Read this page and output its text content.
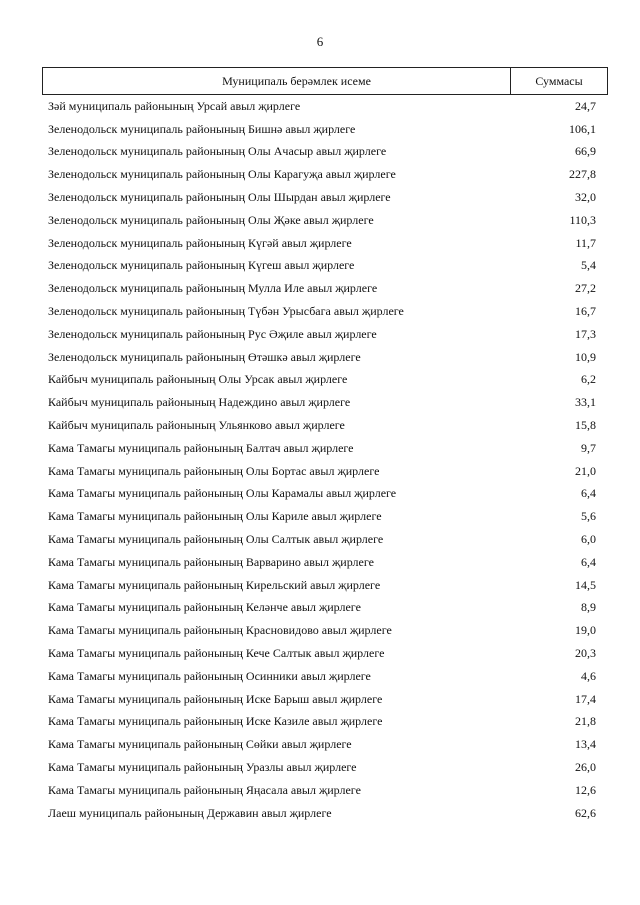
6
Муниципаль берәмлек исеме	Суммасы
Зәй муниципаль районының Урсай авыл җирлеге	24,7
Зеленодольск муниципаль районының Бишнә авыл җирлеге	106,1
Зеленодольск муниципаль районының Олы Ачасыр авыл җирлеге	66,9
Зеленодольск муниципаль районының Олы Карагуҗа авыл җирлеге	227,8
Зеленодольск муниципаль районының Олы Шырдан авыл җирлеге	32,0
Зеленодольск муниципаль районының Олы Җәке авыл җирлеге	110,3
Зеленодольск муниципаль районының Күгәй авыл җирлеге	11,7
Зеленодольск муниципаль районының Күгеш авыл җирлеге	5,4
Зеленодольск муниципаль районының Мулла Иле авыл җирлеге	27,2
Зеленодольск муниципаль районының Түбән Урысбага авыл җирлеге	16,7
Зеленодольск муниципаль районының Рус Әҗиле авыл җирлеге	17,3
Зеленодольск муниципаль районының Өтәшкә авыл җирлеге	10,9
Кайбыч муниципаль районының Олы Урсак авыл җирлеге	6,2
Кайбыч муниципаль районының Надеждино авыл җирлеге	33,1
Кайбыч муниципаль районының Ульянково авыл җирлеге	15,8
Кама Тамагы муниципаль районының Балтач авыл җирлеге	9,7
Кама Тамагы муниципаль районының Олы Бортас авыл җирлеге	21,0
Кама Тамагы муниципаль районының Олы Карамалы авыл җирлеге	6,4
Кама Тамагы муниципаль районының Олы Кариле авыл җирлеге	5,6
Кама Тамагы муниципаль районының Олы Салтык авыл җирлеге	6,0
Кама Тамагы муниципаль районының Варварино авыл җирлеге	6,4
Кама Тамагы муниципаль районының Кирельский авыл җирлеге	14,5
Кама Тамагы муниципаль районының Келәнче авыл җирлеге	8,9
Кама Тамагы муниципаль районының Красновидово авыл җирлеге	19,0
Кама Тамагы муниципаль районының Кече Салтык авыл җирлеге	20,3
Кама Тамагы муниципаль районының Осинники авыл җирлеге	4,6
Кама Тамагы муниципаль районының Иске Барыш авыл җирлеге	17,4
Кама Тамагы муниципаль районының Иске Казиле авыл җирлеге	21,8
Кама Тамагы муниципаль районының Сөйки авыл җирлеге	13,4
Кама Тамагы муниципаль районының Уразлы авыл җирлеге	26,0
Кама Тамагы муниципаль районының Яңасала авыл җирлеге	12,6
Лаеш муниципаль районының Державин авыл җирлеге	62,6
